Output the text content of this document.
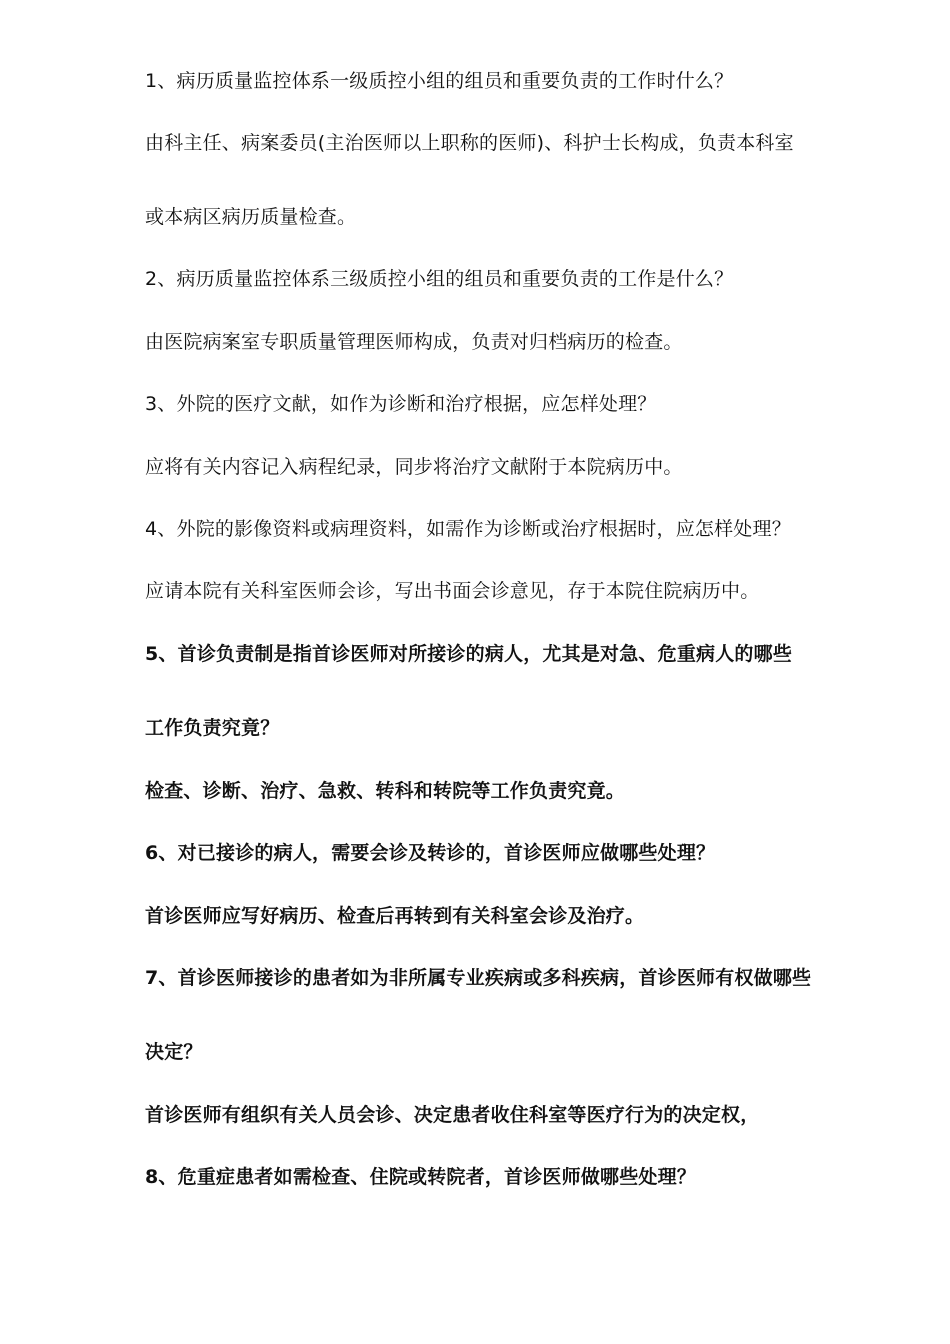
1、病历质量监控体系一级质控小组的组员和重要负责的工作时什么？
由科主任、病案委员(主治医师以上职称的医师)、科护士长构成，负责本科室
或本病区病历质量检查。
2、病历质量监控体系三级质控小组的组员和重要负责的工作是什么？
由医院病案室专职质量管理医师构成，负责对归档病历的检查。
3、外院的医疗文献，如作为诊断和治疗根据，应怎样处理？
应将有关内容记入病程纪录，同步将治疗文献附于本院病历中。
4、外院的影像资料或病理资料，如需作为诊断或治疗根据时，应怎样处理？
应请本院有关科室医师会诊，写出书面会诊意见，存于本院住院病历中。
5、首诊负责制是指首诊医师对所接诊的病人，尤其是对急、危重病人的哪些
工作负责究竟？
检查、诊断、治疗、急救、转科和转院等工作负责究竟。
6、对已接诊的病人，需要会诊及转诊的，首诊医师应做哪些处理？
首诊医师应写好病历、检查后再转到有关科室会诊及治疗。
7、首诊医师接诊的患者如为非所属专业疾病或多科疾病，首诊医师有权做哪些
决定？
首诊医师有组织有关人员会诊、决定患者收住科室等医疗行为的决定权，
8、危重症患者如需检查、住院或转院者，首诊医师做哪些处理？
